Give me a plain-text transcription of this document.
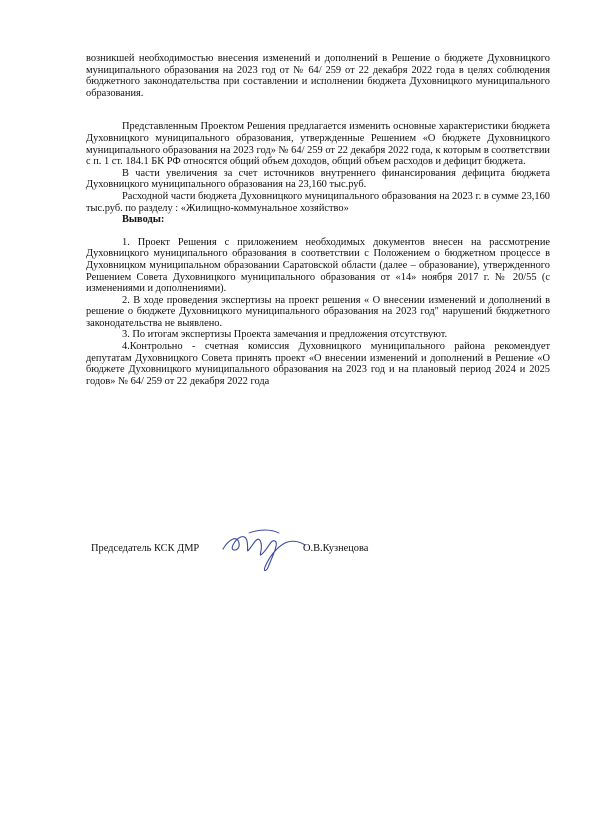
возникшей необходимостью внесения изменений и дополнений в Решение о бюджете Духовницкого муниципального образования на 2023 год от № 64/ 259 от 22 декабря 2022 года в целях соблюдения бюджетного законодательства при составлении и исполнении бюджета Духовницкого муниципального образования.

Представленным Проектом Решения предлагается изменить основные характеристики бюджета Духовницкого муниципального образования, утвержденные Решением «О бюджете Духовницкого муниципального образования на 2023 год» № 64/ 259 от 22 декабря 2022 года, к которым в соответствии с п. 1 ст. 184.1 БК РФ относятся общий объем доходов, общий объем расходов и дефицит бюджета.

В части увеличения за счет источников внутреннего финансирования дефицита бюджета Духовницкого муниципального образования на 23,160 тыс.руб.

Расходной части бюджета Духовницкого муниципального образования на 2023 г. в сумме 23,160 тыс.руб. по разделу : «Жилищно-коммунальное хозяйство»

Выводы:

1. Проект Решения с приложением необходимых документов внесен на рассмотрение Духовницкого муниципального образования в соответствии с Положением о бюджетном процессе в Духовницком муниципальном образовании Саратовской области (далее – образование), утвержденного Решением Совета Духовницкого муниципального образования от «14» ноября 2017 г. № 20/55 (с изменениями и дополнениями).

2. В ходе проведения экспертизы на проект решения « О внесении изменений и дополнений в решение о бюджете Духовницкого муниципального образования на 2023 год" нарушений бюджетного законодательства не выявлено.

3. По итогам экспертизы Проекта замечания и предложения отсутствуют.

4.Контрольно - счетная комиссия Духовницкого муниципального района рекомендует депутатам Духовницкого Совета принять проект «О внесении изменений и дополнений в Решение «О бюджете Духовницкого муниципального образования на 2023 год и на плановый период 2024 и 2025 годов» № 64/ 259 от 22 декабря 2022 года

Председатель КСК ДМР	О.В.Кузнецова
